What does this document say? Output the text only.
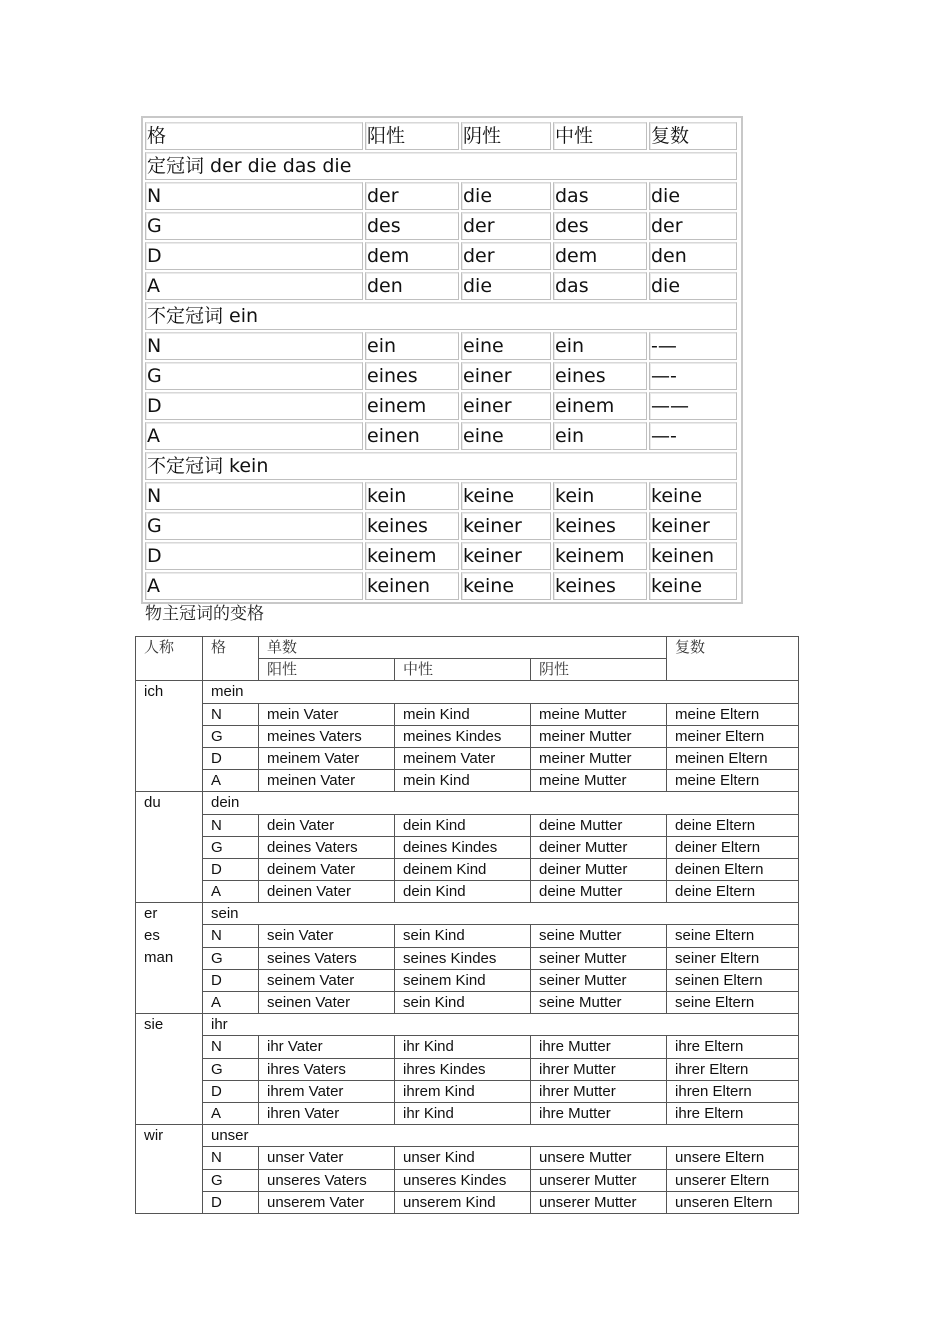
格	阳性	阴性	中性	复数
定冠词 der die das die
N	der	die	das	die
G	des	der	des	der
D	dem	der	dem	den
A	den	die	das	die
不定冠词 ein
N	ein	eine	ein	-—
G	eines	einer	eines	—-
D	einem	einer	einem	——
A	einen	eine	ein	—-
不定冠词 kein
N	kein	keine	kein	keine
G	keines	keiner	keines	keiner
D	keinem	keiner	keinem	keinen
A	keinen	keine	keines	keine
物主冠词的变格
人称	格	单数			复数
		阳性	中性	阴性	

ich	mein				
	N	mein Vater	mein Kind	meine Mutter	meine Eltern
	G	meines Vaters	meines Kindes	meiner Mutter	meiner Eltern
	D	meinem Vater	meinem Vater	meiner Mutter	meinen Eltern
	A	meinen Vater	mein Kind	meine Mutter	meine Eltern

du	dein				
	N	dein Vater	dein Kind	deine Mutter	deine Eltern
	G	deines Vaters	deines Kindes	deiner Mutter	deiner Eltern
	D	deinem Vater	deinem Kind	deiner Mutter	deinen Eltern
	A	deinen Vater	dein Kind	deine Mutter	deine Eltern

er
es
man	sein				
	N	sein Vater	sein Kind	seine Mutter	seine Eltern
	G	seines Vaters	seines Kindes	seiner Mutter	seiner Eltern
	D	seinem Vater	seinem Kind	seiner Mutter	seinen Eltern
	A	seinen Vater	sein Kind	seine Mutter	seine Eltern

sie	ihr				
	N	ihr Vater	ihr Kind	ihre Mutter	ihre Eltern
	G	ihres Vaters	ihres Kindes	ihrer Mutter	ihrer Eltern
	D	ihrem Vater	ihrem Kind	ihrer Mutter	ihren Eltern
	A	ihren Vater	ihr Kind	ihre Mutter	ihre Eltern

wir	unser				
	N	unser Vater	unser Kind	unsere Mutter	unsere Eltern
	G	unseres Vaters	unseres Kindes	unserer Mutter	unserer Eltern
	D	unserem Vater	unserem Kind	unserer Mutter	unseren Eltern
